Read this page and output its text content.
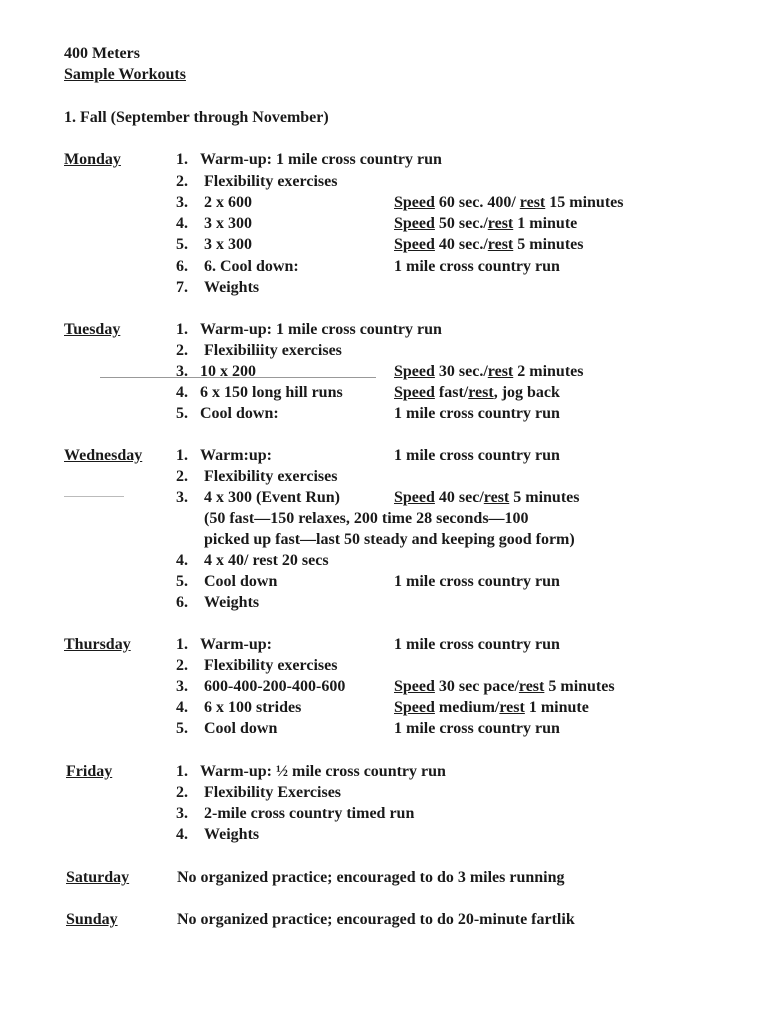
400 Meters
Sample Workouts
1. Fall (September through November)
Monday	1. Warm-up: 1 mile cross country run
2. Flexibility exercises
3. 2 x 600	Speed 60 sec. 400/ rest 15 minutes
4. 3 x 300	Speed 50 sec./rest 1 minute
5. 3 x 300	Speed 40 sec./rest 5 minutes
6. 6. Cool down:	1 mile cross country run
7. Weights
Tuesday	1. Warm-up: 1 mile cross country run
2. Flexibiliity exercises
3. 10 x 200	Speed 30 sec./rest 2 minutes
4. 6 x 150 long hill runs	Speed fast/rest, jog back
5. Cool down:	1 mile cross country run
Wednesday 1. Warm:up:	1 mile cross country run
2. Flexibility exercises
3. 4 x 300 (Event Run)	Speed 40 sec/rest 5 minutes
(50 fast—150 relaxes, 200 time 28 seconds—100
picked up fast—last 50 steady and keeping good form)
4. 4 x 40/ rest 20 secs
5. Cool down	1 mile cross country run
6. Weights
Thursday	1. Warm-up:	1 mile cross country run
2. Flexibility exercises
3. 600-400-200-400-600	Speed 30 sec pace/rest 5 minutes
4. 6 x 100 strides	Speed medium/rest 1 minute
5. Cool down	1 mile cross country run
Friday	1. Warm-up: ½ mile cross country run
2. Flexibility Exercises
3. 2-mile cross country timed run
4. Weights
Saturday	No organized practice; encouraged to do 3 miles running
Sunday	No organized practice; encouraged to do 20-minute fartlik
